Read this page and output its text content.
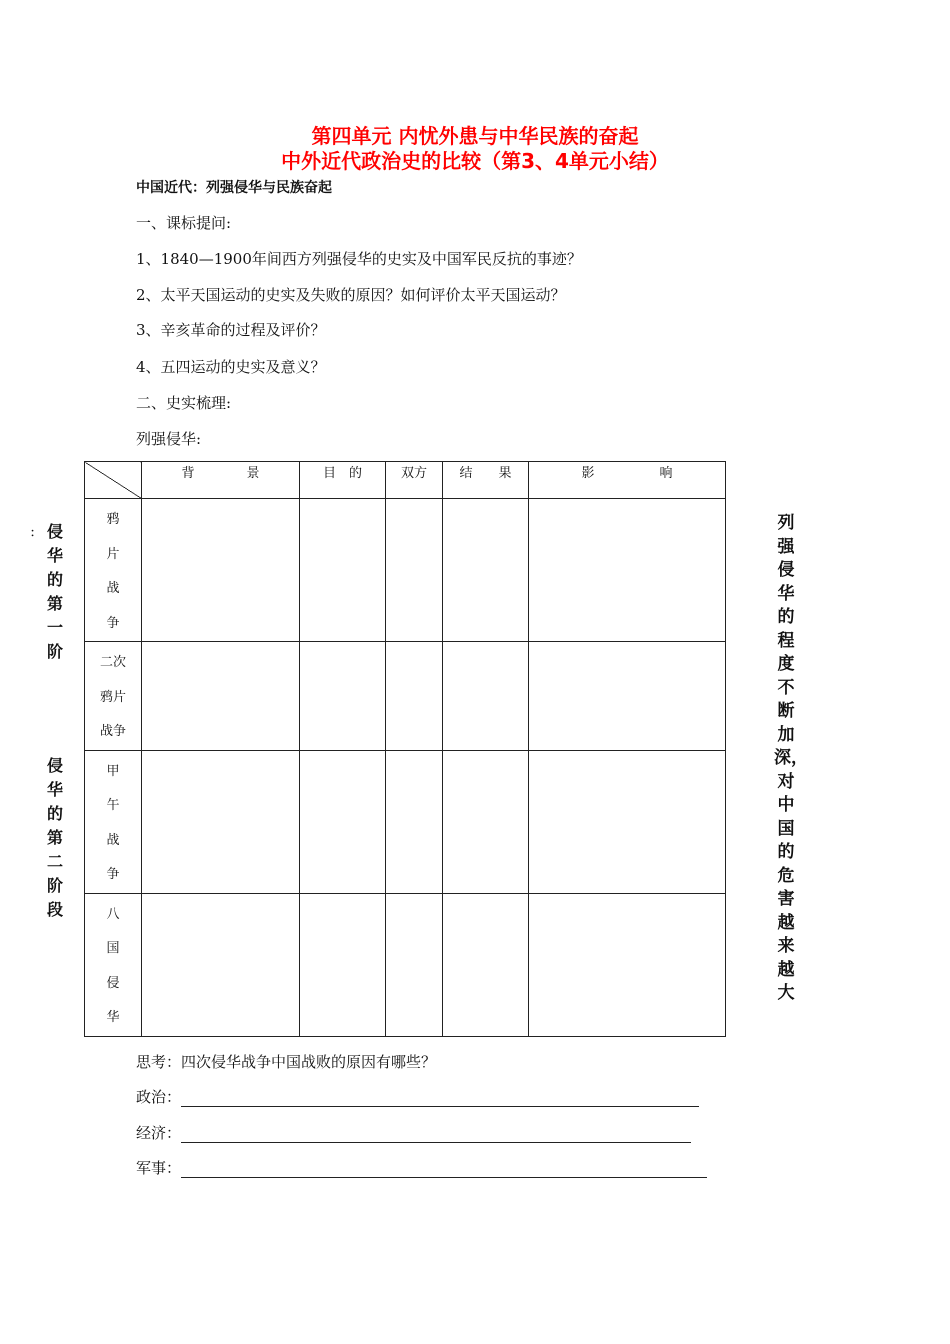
第四单元 内忧外患与中华民族的奋起
中外近代政治史的比较（第3、4单元小结）
中国近代：列强侵华与民族奋起
一、课标提问:
1、1840—1900年间西方列强侵华的史实及中国军民反抗的事迹？
2、太平天国运动的史实及失败的原因？如何评价太平天国运动？
3、辛亥革命的过程及评价？
4、五四运动的史实及意义？
二、史实梳理:
列强侵华:
	背　　　　景	目　的	双方	结　　果	影　　　　　响

鸦
片
战
争					

二次
鸦片
战争					

甲
午
战
争					

八
国
侵
华					

： 侵华的第一阶
侵华的第二阶段
列强侵华的程度不断加深，对中国的危害越来越大
思考：四次侵华战争中国战败的原因有哪些？
政治：
经济：
军事：
